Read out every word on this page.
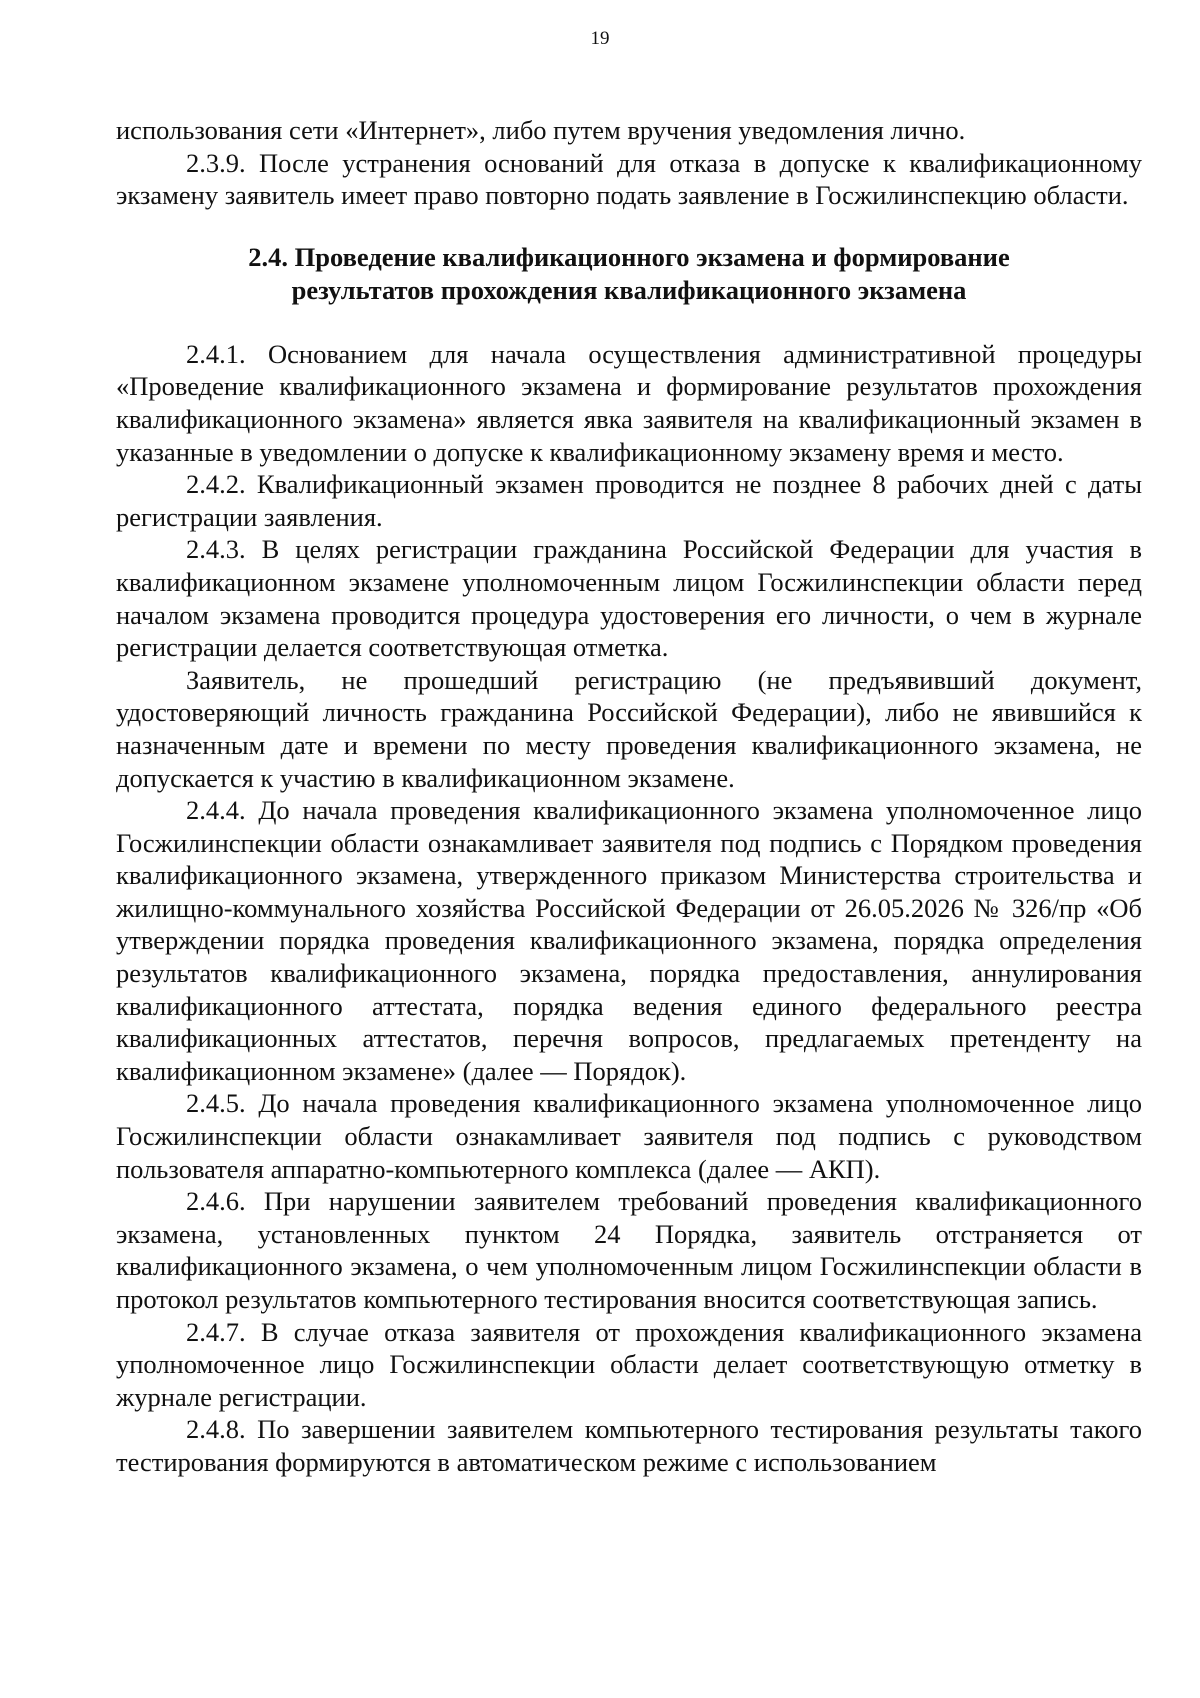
19

использования сети «Интернет», либо путем вручения уведомления лично.

2.3.9. После устранения оснований для отказа в допуске к квалификационному экзамену заявитель имеет право повторно подать заявление в Госжилинспекцию области.

2.4. Проведение квалификационного экзамена и формирование
результатов прохождения квалификационного экзамена

2.4.1. Основанием для начала осуществления административной процедуры «Проведение квалификационного экзамена и формирование результатов прохождения квалификационного экзамена» является явка заявителя на квалификационный экзамен в указанные в уведомлении о допуске к квалификационному экзамену время и место.

2.4.2. Квалификационный экзамен проводится не позднее 8 рабочих дней с даты регистрации заявления.

2.4.3. В целях регистрации гражданина Российской Федерации для участия в квалификационном экзамене уполномоченным лицом Госжилинспекции области перед началом экзамена проводится процедура удостоверения его личности, о чем в журнале регистрации делается соответствующая отметка.

Заявитель, не прошедший регистрацию (не предъявивший документ, удостоверяющий личность гражданина Российской Федерации), либо не явившийся к назначенным дате и времени по месту проведения квалификационного экзамена, не допускается к участию в квалификационном экзамене.

2.4.4. До начала проведения квалификационного экзамена уполномоченное лицо Госжилинспекции области ознакамливает заявителя под подпись с Порядком проведения квалификационного экзамена, утвержденного приказом Министерства строительства и жилищно-коммунального хозяйства Российской Федерации от 26.05.2026 № 326/пр «Об утверждении порядка проведения квалификационного экзамена, порядка определения результатов квалификационного экзамена, порядка предоставления, аннулирования квалификационного аттестата, порядка ведения единого федерального реестра квалификационных аттестатов, перечня вопросов, предлагаемых претенденту на квалификационном экзамене» (далее — Порядок).

2.4.5. До начала проведения квалификационного экзамена уполномоченное лицо Госжилинспекции области ознакамливает заявителя под подпись с руководством пользователя аппаратно-компьютерного комплекса (далее — АКП).

2.4.6. При нарушении заявителем требований проведения квалификационного экзамена, установленных пунктом 24 Порядка, заявитель отстраняется от квалификационного экзамена, о чем уполномоченным лицом Госжилинспекции области в протокол результатов компьютерного тестирования вносится соответствующая запись.

2.4.7. В случае отказа заявителя от прохождения квалификационного экзамена уполномоченное лицо Госжилинспекции области делает соответствующую отметку в журнале регистрации.

2.4.8. По завершении заявителем компьютерного тестирования результаты такого тестирования формируются в автоматическом режиме с использованием
